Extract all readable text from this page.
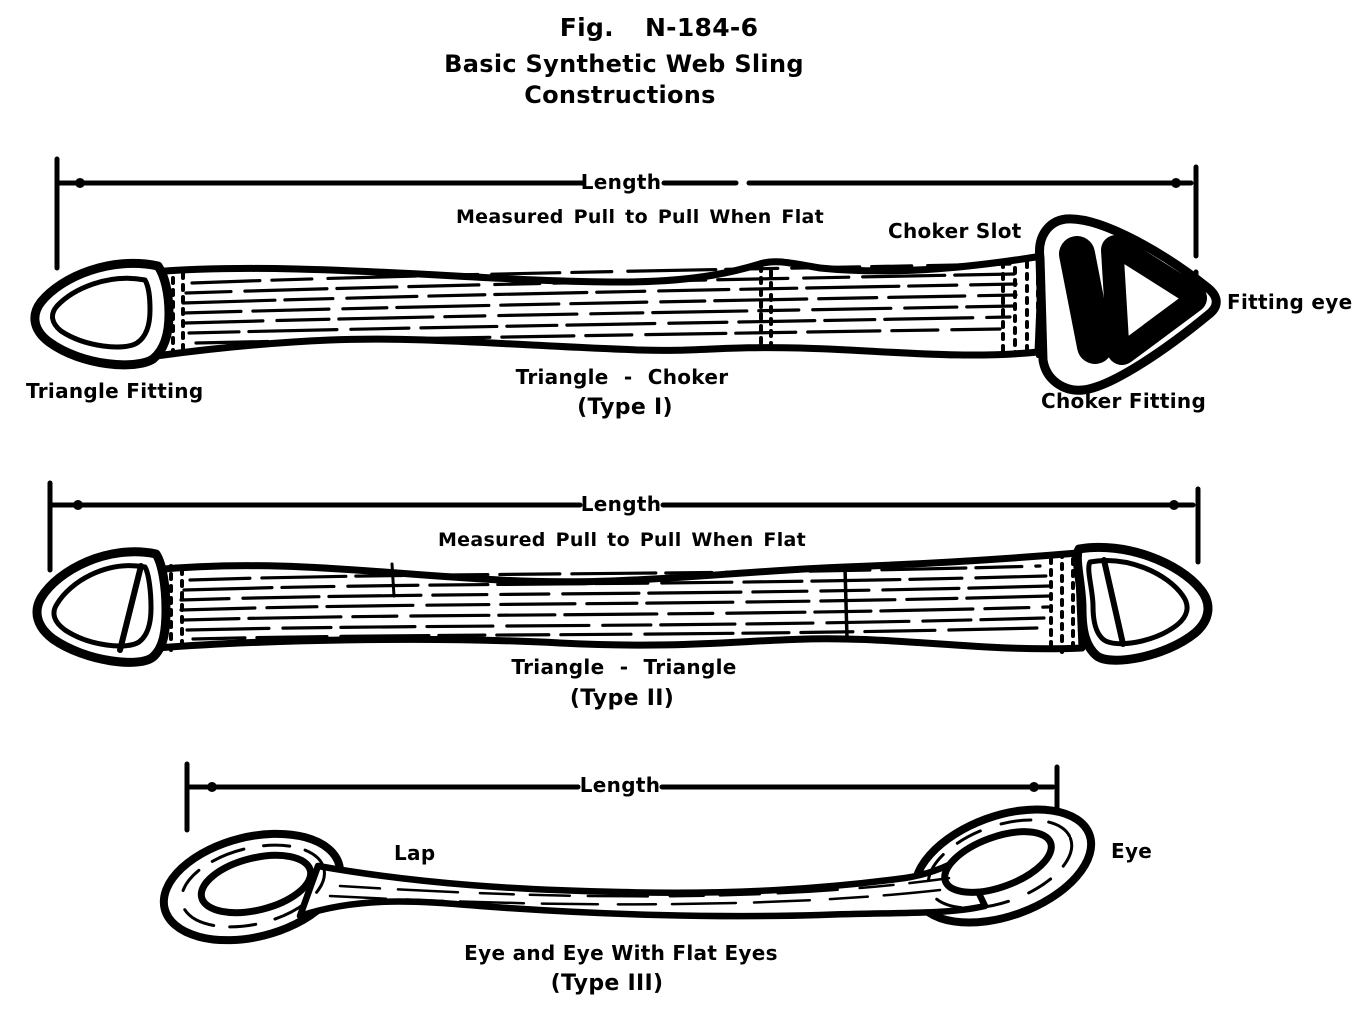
Fig. N-184-6
Basic Synthetic Web Sling
Constructions
Length
Measured Pull to Pull When Flat
Choker Slot
Fitting eye
Triangle Fitting	Choker Fitting
Triangle - Choker
(Type I)
Length
Measured Pull to Pull When Flat
Triangle - Triangle
(Type II)
Length
Lap	Eye
Eye and Eye With Flat Eyes
(Type III)
